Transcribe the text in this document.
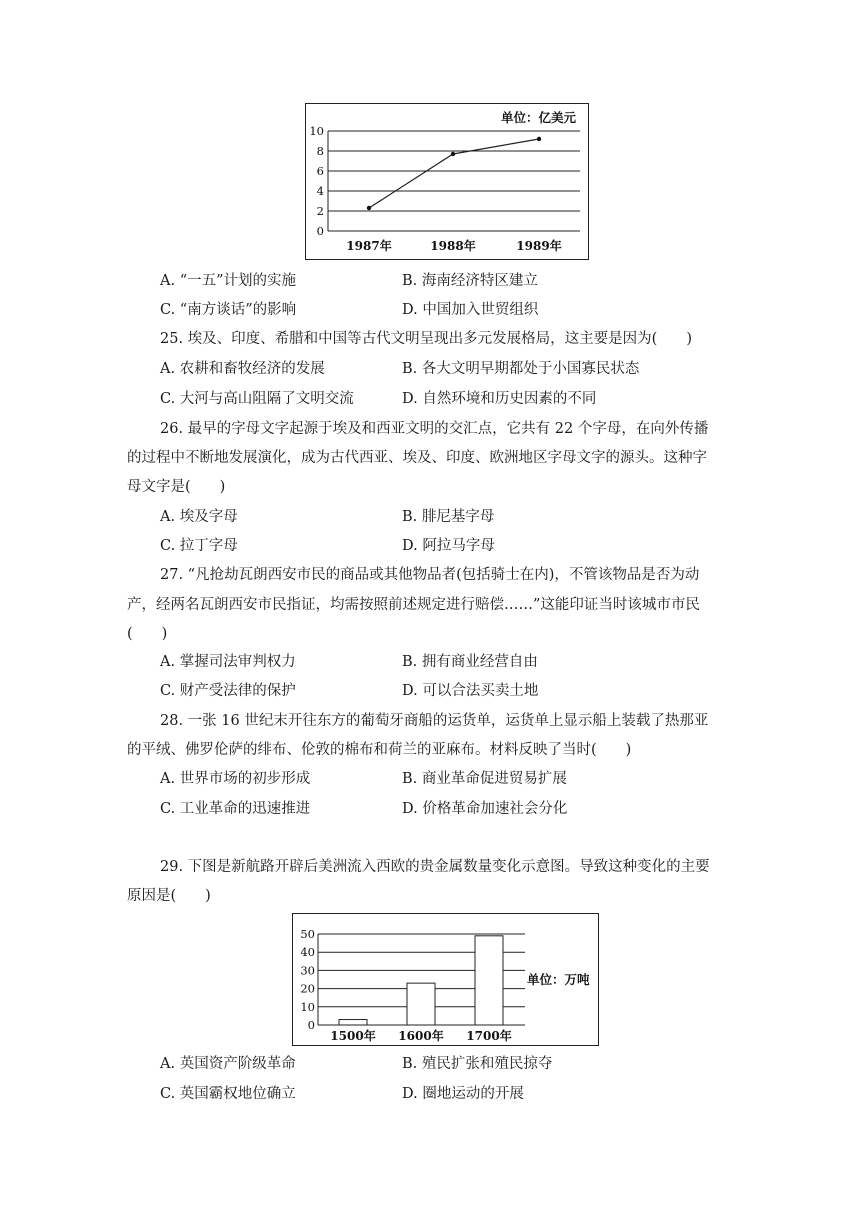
单位：亿美元
0
2
4
6
8
10
1987年	1988年	1989年
A. “一五”计划的实施	B. 海南经济特区建立
C. “南方谈话”的影响	D. 中国加入世贸组织
25. 埃及、印度、希腊和中国等古代文明呈现出多元发展格局，这主要是因为(　　)
A. 农耕和畜牧经济的发展	B. 各大文明早期都处于小国寡民状态
C. 大河与高山阻隔了文明交流	D. 自然环境和历史因素的不同
26. 最早的字母文字起源于埃及和西亚文明的交汇点，它共有 22 个字母，在向外传播
的过程中不断地发展演化，成为古代西亚、埃及、印度、欧洲地区字母文字的源头。这种字
母文字是(　　)
A. 埃及字母	B. 腓尼基字母
C. 拉丁字母	D. 阿拉马字母
27. “凡抢劫瓦朗西安市民的商品或其他物品者(包括骑士在内)，不管该物品是否为动
产，经两名瓦朗西安市民指证，均需按照前述规定进行赔偿……”这能印证当时该城市市民
(　　)
A. 掌握司法审判权力	B. 拥有商业经营自由
C. 财产受法律的保护	D. 可以合法买卖土地
28. 一张 16 世纪末开往东方的葡萄牙商船的运货单，运货单上显示船上装载了热那亚
的平绒、佛罗伦萨的绯布、伦敦的棉布和荷兰的亚麻布。材料反映了当时(　　)
A. 世界市场的初步形成	B. 商业革命促进贸易扩展
C. 工业革命的迅速推进	D. 价格革命加速社会分化
29. 下图是新航路开辟后美洲流入西欧的贵金属数量变化示意图。导致这种变化的主要
原因是(　　)
0
10
20
30
40
50
1500年 1600年 1700年
单位：万吨
A. 英国资产阶级革命	B. 殖民扩张和殖民掠夺
C. 英国霸权地位确立	D. 圈地运动的开展
